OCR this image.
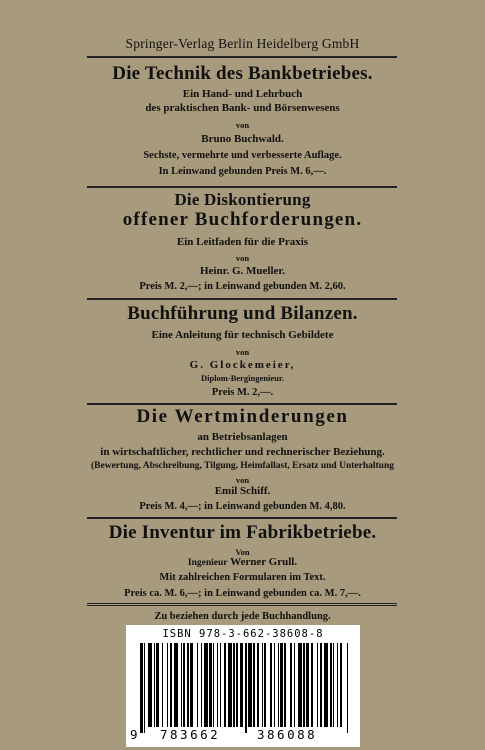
Springer-Verlag Berlin Heidelberg GmbH
Die Technik des Bankbetriebes.
Ein Hand- und Lehrbuch
des praktischen Bank- und Börsenwesens
von
Bruno Buchwald.
Sechste, vermehrte und verbesserte Auflage.
In Leinwand gebunden Preis M. 6,—.
Die Diskontierung
offener Buchforderungen.
Ein Leitfaden für die Praxis
von
Heinr. G. Mueller.
Preis M. 2,—; in Leinwand gebunden M. 2,60.
Buchführung und Bilanzen.
Eine Anleitung für technisch Gebildete
von
G. Glockemeier,
Diplom-Bergingenieur.
Preis M. 2,—.
Die Wertminderungen
an Betriebsanlagen
in wirtschaftlicher, rechtlicher und rechnerischer Beziehung.
(Bewertung, Abschreibung, Tilgung, Heimfallast, Ersatz und Unterhaltung
von
Emil Schiff.
Preis M. 4,—; in Leinwand gebunden M. 4,80.
Die Inventur im Fabrikbetriebe.
Von
Ingenieur Werner Grull.
Mit zahlreichen Formularen im Text.
Preis ca. M. 6,—; in Leinwand gebunden ca. M. 7,—.
Zu beziehen durch jede Buchhandlung.
ISBN 978-3-662-38608-8
9 783662	386088
